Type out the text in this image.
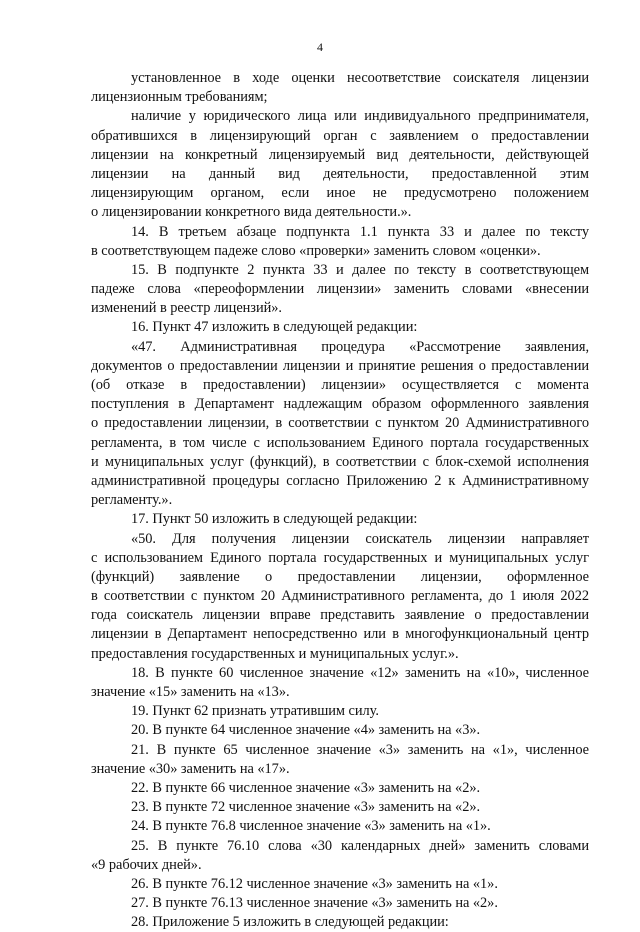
4
установленное в ходе оценки несоответствие соискателя лицензии
лицензионным требованиям;
наличие у юридического лица или индивидуального предпринимателя,
обратившихся в лицензирующий орган с заявлением о предоставлении
лицензии на конкретный лицензируемый вид деятельности, действующей
лицензии на данный вид деятельности, предоставленной этим
лицензирующим органом, если иное не предусмотрено положением
о лицензировании конкретного вида деятельности.».
14. В третьем абзаце подпункта 1.1 пункта 33 и далее по тексту
в соответствующем падеже слово «проверки» заменить словом «оценки».
15. В подпункте 2 пункта 33 и далее по тексту в соответствующем
падеже слова «переоформлении лицензии» заменить словами «внесении
изменений в реестр лицензий».
16. Пункт 47 изложить в следующей редакции:
«47. Административная процедура «Рассмотрение заявления,
документов о предоставлении лицензии и принятие решения о предоставлении
(об отказе в предоставлении) лицензии» осуществляется с момента
поступления в Департамент надлежащим образом оформленного заявления
о предоставлении лицензии, в соответствии с пунктом 20 Административного
регламента, в том числе с использованием Единого портала государственных
и муниципальных услуг (функций), в соответствии с блок-схемой исполнения
административной процедуры согласно Приложению 2 к Административному
регламенту.».
17. Пункт 50 изложить в следующей редакции:
«50. Для получения лицензии соискатель лицензии направляет
с использованием Единого портала государственных и муниципальных услуг
(функций) заявление о предоставлении лицензии, оформленное
в соответствии с пунктом 20 Административного регламента, до 1 июля 2022
года соискатель лицензии вправе представить заявление о предоставлении
лицензии в Департамент непосредственно или в многофункциональный центр
предоставления государственных и муниципальных услуг.».
18. В пункте 60 численное значение «12» заменить на «10», численное
значение «15» заменить на «13».
19. Пункт 62 признать утратившим силу.
20. В пункте 64 численное значение «4» заменить на «3».
21. В пункте 65 численное значение «3» заменить на «1», численное
значение «30» заменить на «17».
22. В пункте 66 численное значение «3» заменить на «2».
23. В пункте 72 численное значение «3» заменить на «2».
24. В пункте 76.8 численное значение «3» заменить на «1».
25. В пункте 76.10 слова «30 календарных дней» заменить словами
«9 рабочих дней».
26. В пункте 76.12 численное значение «3» заменить на «1».
27. В пункте 76.13 численное значение «3» заменить на «2».
28. Приложение 5 изложить в следующей редакции:
